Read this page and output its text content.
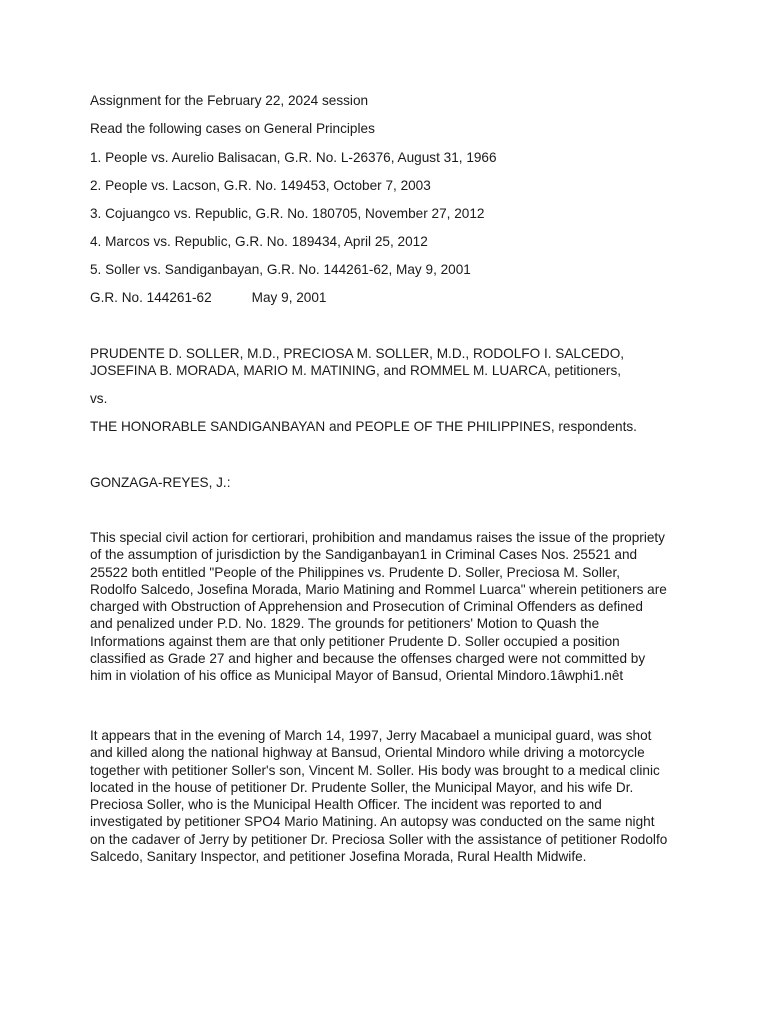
Assignment for the February 22, 2024 session
Read the following cases on General Principles
1. People vs. Aurelio Balisacan, G.R. No. L-26376, August 31, 1966
2. People vs. Lacson, G.R. No. 149453, October 7, 2003
3. Cojuangco vs. Republic, G.R. No. 180705, November 27, 2012
4. Marcos vs. Republic, G.R. No. 189434, April 25, 2012
5. Soller vs. Sandiganbayan, G.R. No. 144261-62, May 9, 2001
G.R. No. 144261-62	May 9, 2001
PRUDENTE D. SOLLER, M.D., PRECIOSA M. SOLLER, M.D., RODOLFO I. SALCEDO,
JOSEFINA B. MORADA, MARIO M. MATINING, and ROMMEL M. LUARCA, petitioners,
vs.
THE HONORABLE SANDIGANBAYAN and PEOPLE OF THE PHILIPPINES, respondents.
GONZAGA-REYES, J.:
This special civil action for certiorari, prohibition and mandamus raises the issue of the propriety
of the assumption of jurisdiction by the Sandiganbayan1 in Criminal Cases Nos. 25521 and
25522 both entitled "People of the Philippines vs. Prudente D. Soller, Preciosa M. Soller,
Rodolfo Salcedo, Josefina Morada, Mario Matining and Rommel Luarca" wherein petitioners are
charged with Obstruction of Apprehension and Prosecution of Criminal Offenders as defined
and penalized under P.D. No. 1829. The grounds for petitioners' Motion to Quash the
Informations against them are that only petitioner Prudente D. Soller occupied a position
classified as Grade 27 and higher and because the offenses charged were not committed by
him in violation of his office as Municipal Mayor of Bansud, Oriental Mindoro.1âwphi1.nêt
It appears that in the evening of March 14, 1997, Jerry Macabael a municipal guard, was shot
and killed along the national highway at Bansud, Oriental Mindoro while driving a motorcycle
together with petitioner Soller's son, Vincent M. Soller. His body was brought to a medical clinic
located in the house of petitioner Dr. Prudente Soller, the Municipal Mayor, and his wife Dr.
Preciosa Soller, who is the Municipal Health Officer. The incident was reported to and
investigated by petitioner SPO4 Mario Matining. An autopsy was conducted on the same night
on the cadaver of Jerry by petitioner Dr. Preciosa Soller with the assistance of petitioner Rodolfo
Salcedo, Sanitary Inspector, and petitioner Josefina Morada, Rural Health Midwife.
